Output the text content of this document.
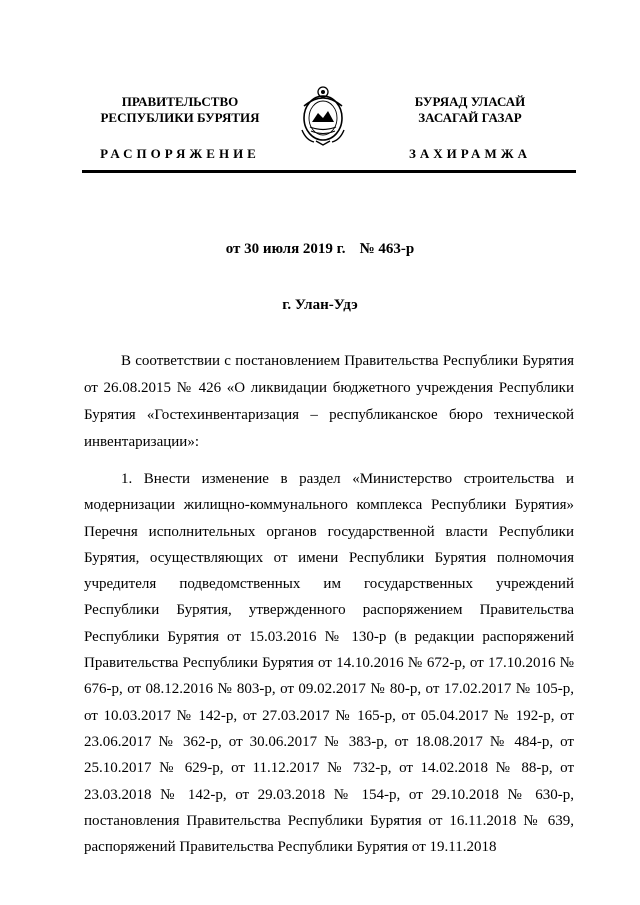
ПРАВИТЕЛЬСТВО
РЕСПУБЛИКИ БУРЯТИЯ
БУРЯАД УЛАСАЙ
ЗАСАГАЙ ГАЗАР
РАСПОРЯЖЕНИЕ	ЗАХИРАМЖА
от 30 июля 2019 г. № 463-р
г. Улан-Удэ

В соответствии с постановлением Правительства Республики Бурятия от 26.08.2015 № 426 «О ликвидации бюджетного учреждения Республики Бурятия «Гостехинвентаризация – республиканское бюро технической инвентаризации»:

1. Внести изменение в раздел «Министерство строительства и модернизации жилищно-коммунального комплекса Республики Бурятия» Перечня исполнительных органов государственной власти Республики Бурятия, осуществляющих от имени Республики Бурятия полномочия учредителя подведомственных им государственных учреждений Республики Бурятия, утвержденного распоряжением Правительства Республики Бурятия от 15.03.2016 № 130-р (в редакции распоряжений Правительства Республики Бурятия от 14.10.2016 № 672-р, от 17.10.2016 № 676-р, от 08.12.2016 № 803-р, от 09.02.2017 № 80-р, от 17.02.2017 № 105-р, от 10.03.2017 № 142-р, от 27.03.2017 № 165-р, от 05.04.2017 № 192-р, от 23.06.2017 № 362-р, от 30.06.2017 № 383-р, от 18.08.2017 № 484-р, от 25.10.2017 № 629-р, от 11.12.2017 № 732-р, от 14.02.2018 № 88-р, от 23.03.2018 № 142-р, от 29.03.2018 № 154-р, от 29.10.2018 № 630-р, постановления Правительства Республики Бурятия от 16.11.2018 № 639, распоряжений Правительства Республики Бурятия от 19.11.2018
